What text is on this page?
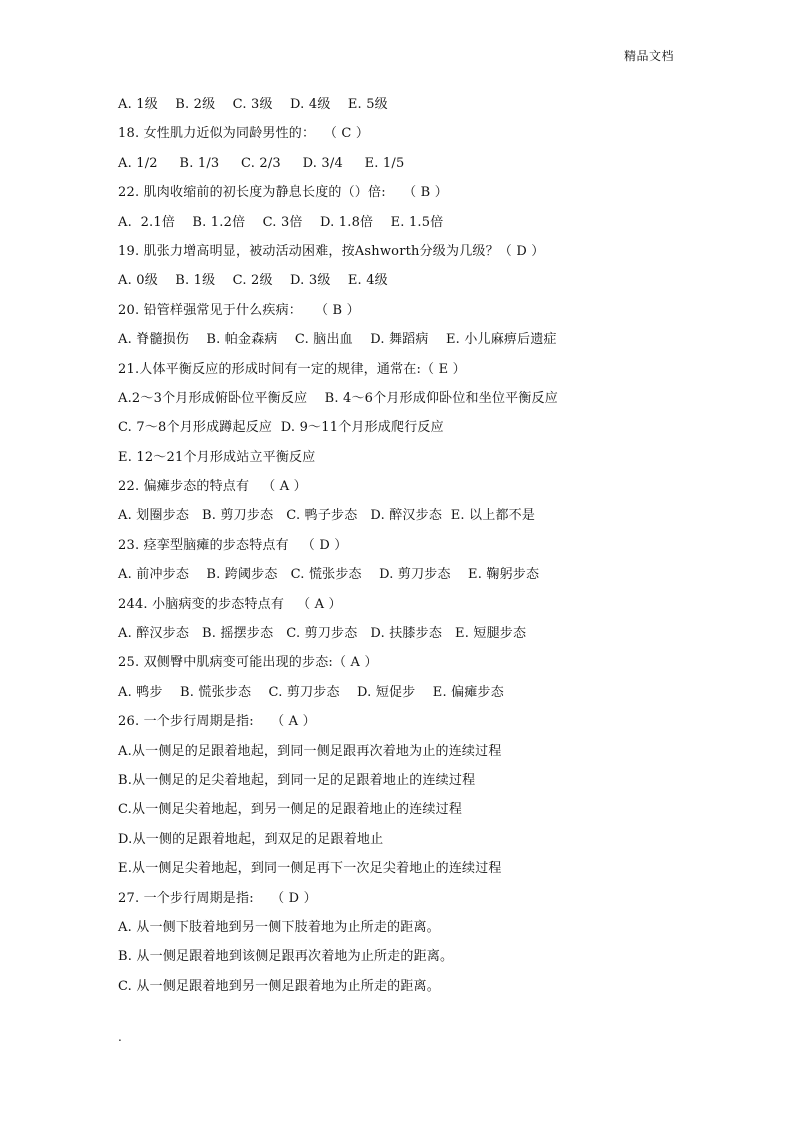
精品文档
A. 1级    B. 2级    C. 3级    D. 4级    E. 5级
18. 女性肌力近似为同龄男性的：  （ C ）
A. 1/2     B. 1/3     C. 2/3     D. 3/4     E. 1/5
22. 肌肉收缩前的初长度为静息长度的（）倍:    （ B ）
A.  2.1倍    B. 1.2倍    C. 3倍    D. 1.8倍    E. 1.5倍
19. 肌张力增高明显，被动活动困难，按Ashworth分级为几级？（ D ）
A. 0级    B. 1级    C. 2级    D. 3级    E. 4级
20. 铅管样强常见于什么疾病：   （ B ）
A. 脊髓损伤    B. 帕金森病    C. 脑出血    D. 舞蹈病    E. 小儿麻痹后遗症
21.人体平衡反应的形成时间有一定的规律，通常在:（ E ）
A.2～3个月形成俯卧位平衡反应    B. 4～6个月形成仰卧位和坐位平衡反应
C. 7～8个月形成蹲起反应  D. 9～11个月形成爬行反应
E. 12～21个月形成站立平衡反应
22. 偏瘫步态的特点有   （ A ）
A. 划圈步态   B. 剪刀步态   C. 鸭子步态   D. 醉汉步态  E. 以上都不是
23. 痉挛型脑瘫的步态特点有   （ D ）
A. 前冲步态    B. 跨阈步态   C. 慌张步态    D. 剪刀步态    E. 鞠躬步态
244. 小脑病变的步态特点有   （ A ）
A. 醉汉步态   B. 摇摆步态   C. 剪刀步态   D. 扶膝步态   E. 短腿步态
25. 双侧臀中肌病变可能出现的步态:（ A ）
A. 鸭步    B. 慌张步态    C. 剪刀步态    D. 短促步    E. 偏瘫步态
26. 一个步行周期是指:    （ A ）
A.从一侧足的足跟着地起，到同一侧足跟再次着地为止的连续过程
B.从一侧足的足尖着地起，到同一足的足跟着地止的连续过程
C.从一侧足尖着地起，到另一侧足的足跟着地止的连续过程
D.从一侧的足跟着地起，到双足的足跟着地止
E.从一侧足尖着地起，到同一侧足再下一次足尖着地止的连续过程
27. 一个步行周期是指:    （ D ）
A. 从一侧下肢着地到另一侧下肢着地为止所走的距离。
B. 从一侧足跟着地到该侧足跟再次着地为止所走的距离。
C. 从一侧足跟着地到另一侧足跟着地为止所走的距离。
.
